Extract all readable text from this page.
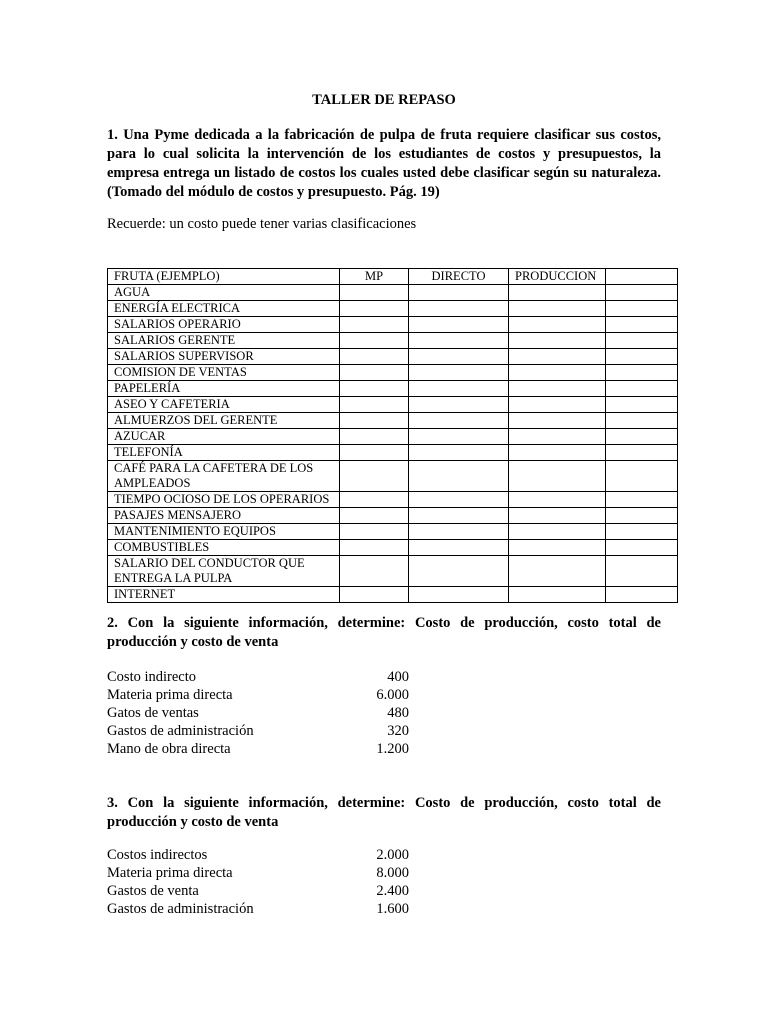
TALLER DE REPASO
1. Una Pyme dedicada a la fabricación de pulpa de fruta requiere clasificar sus costos, para lo cual solicita la intervención de los estudiantes de costos y presupuestos, la empresa entrega un listado de costos los cuales usted debe clasificar según su naturaleza. (Tomado del módulo de costos y presupuesto. Pág. 19)
Recuerde: un costo puede tener varias clasificaciones
FRUTA (EJEMPLO)	MP	DIRECTO	PRODUCCION	
AGUA				
ENERGÍA ELECTRICA				
SALARIOS OPERARIO				
SALARIOS GERENTE				
SALARIOS SUPERVISOR				
COMISION DE VENTAS				
PAPELERÍA				
ASEO Y CAFETERIA				
ALMUERZOS DEL GERENTE				
AZUCAR				
TELEFONÍA				
CAFÉ PARA LA CAFETERA DE LOS AMPLEADOS				
TIEMPO OCIOSO DE LOS OPERARIOS				
PASAJES MENSAJERO				
MANTENIMIENTO EQUIPOS				
COMBUSTIBLES				
SALARIO DEL CONDUCTOR QUE ENTREGA LA PULPA				
INTERNET				
2. Con la siguiente información, determine: Costo de producción, costo total de producción y costo de venta
Costo indirecto	400
Materia prima directa	6.000
Gatos de ventas	480
Gastos de administración	320
Mano de obra directa	1.200
3. Con la siguiente información, determine: Costo de producción, costo total de producción y costo de venta
Costos indirectos	2.000
Materia prima directa	8.000
Gastos de venta	2.400
Gastos de administración	1.600
